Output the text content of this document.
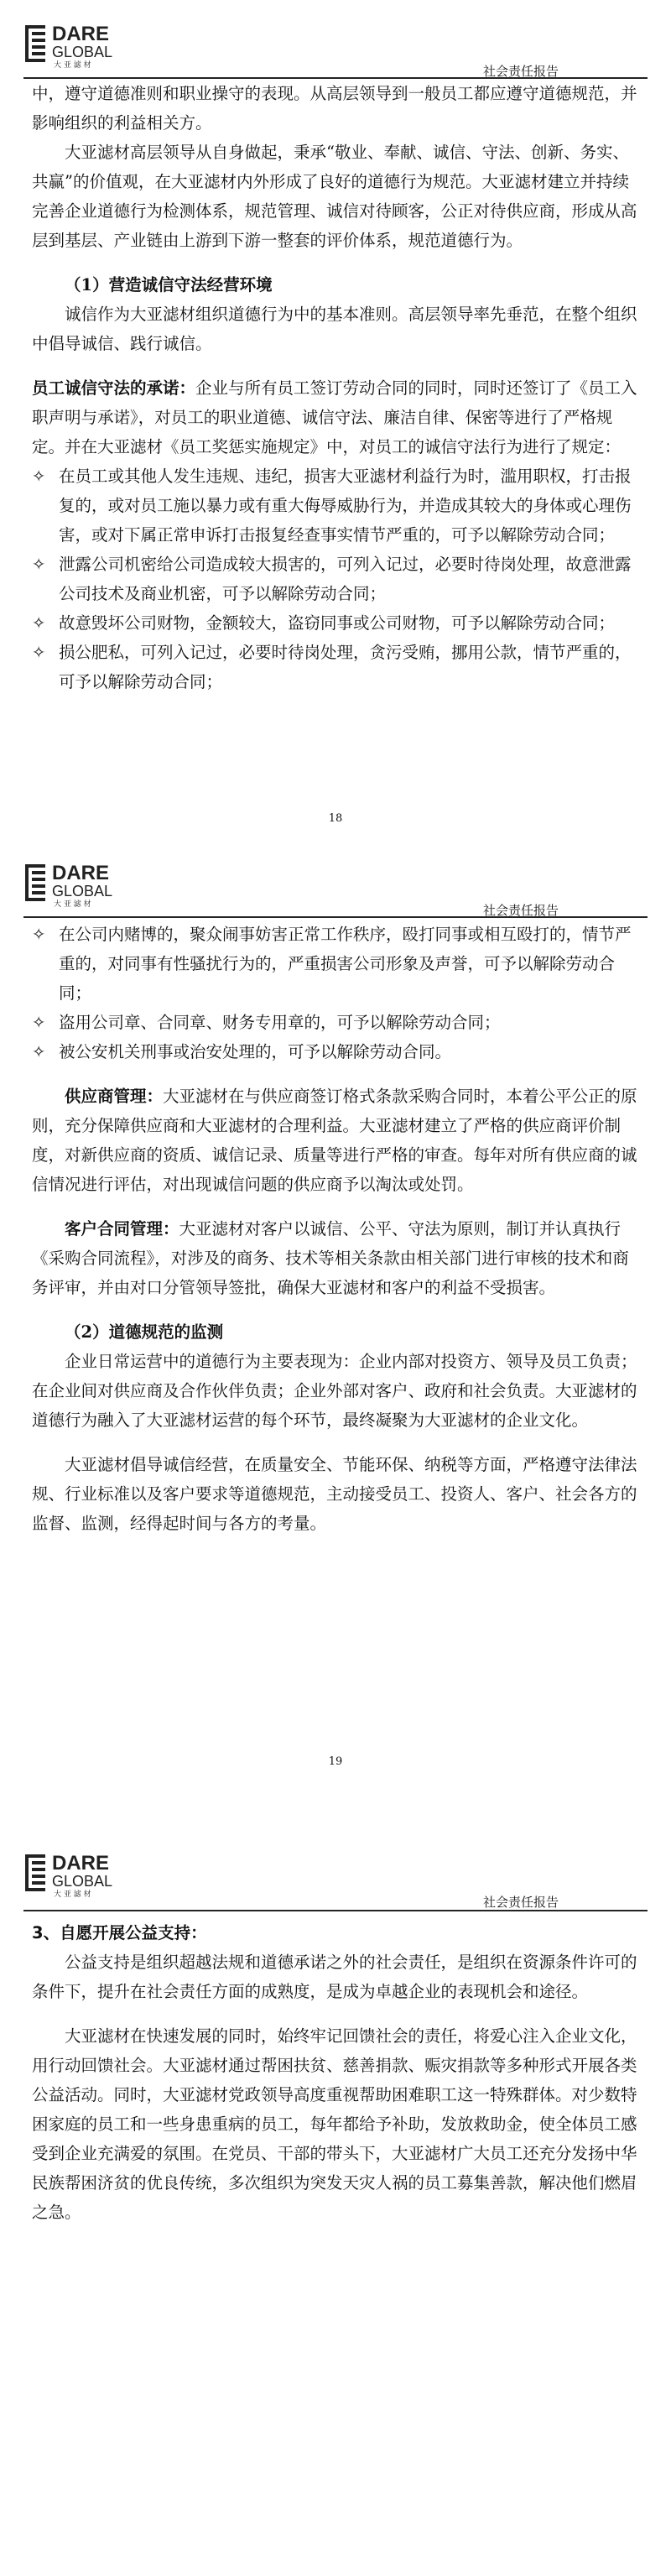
DARE
GLOBAL
大 亚 滤 材	社会责任报告

中，遵守道德准则和职业操守的表现。从高层领导到一般员工都应遵守道德规范，并影响组织的利益相关方。

大亚滤材高层领导从自身做起，秉承“敬业、奉献、诚信、守法、创新、务实、共赢”的价值观，在大亚滤材内外形成了良好的道德行为规范。大亚滤材建立并持续完善企业道德行为检测体系，规范管理、诚信对待顾客，公正对待供应商，形成从高层到基层、产业链由上游到下游一整套的评价体系，规范道德行为。

（1）营造诚信守法经营环境

诚信作为大亚滤材组织道德行为中的基本准则。高层领导率先垂范，在整个组织中倡导诚信、践行诚信。

员工诚信守法的承诺：企业与所有员工签订劳动合同的同时，同时还签订了《员工入职声明与承诺》，对员工的职业道德、诚信守法、廉洁自律、保密等进行了严格规定。并在大亚滤材《员工奖惩实施规定》中，对员工的诚信守法行为进行了规定：

✧ 在员工或其他人发生违规、违纪，损害大亚滤材利益行为时，滥用职权，打击报复的，或对员工施以暴力或有重大侮辱威胁行为，并造成其较大的身体或心理伤害，或对下属正常申诉打击报复经查事实情节严重的，可予以解除劳动合同；
✧ 泄露公司机密给公司造成较大损害的，可列入记过，必要时待岗处理，故意泄露公司技术及商业机密，可予以解除劳动合同；
✧ 故意毁坏公司财物，金额较大，盗窃同事或公司财物，可予以解除劳动合同；
✧ 损公肥私，可列入记过，必要时待岗处理，贪污受贿，挪用公款，情节严重的，可予以解除劳动合同；
18
DARE
GLOBAL
大 亚 滤 材	社会责任报告
✧ 在公司内赌博的，聚众闹事妨害正常工作秩序，殴打同事或相互殴打的，情节严重的，对同事有性骚扰行为的，严重损害公司形象及声誉，可予以解除劳动合同；
✧ 盗用公司章、合同章、财务专用章的，可予以解除劳动合同；
✧ 被公安机关刑事或治安处理的，可予以解除劳动合同。

供应商管理：大亚滤材在与供应商签订格式条款采购合同时，本着公平公正的原则，充分保障供应商和大亚滤材的合理利益。大亚滤材建立了严格的供应商评价制度，对新供应商的资质、诚信记录、质量等进行严格的审查。每年对所有供应商的诚信情况进行评估，对出现诚信问题的供应商予以淘汰或处罚。

客户合同管理：大亚滤材对客户以诚信、公平、守法为原则，制订并认真执行《采购合同流程》，对涉及的商务、技术等相关条款由相关部门进行审核的技术和商务评审，并由对口分管领导签批，确保大亚滤材和客户的利益不受损害。

（2）道德规范的监测

企业日常运营中的道德行为主要表现为：企业内部对投资方、领导及员工负责；在企业间对供应商及合作伙伴负责；企业外部对客户、政府和社会负责。大亚滤材的道德行为融入了大亚滤材运营的每个环节，最终凝聚为大亚滤材的企业文化。

大亚滤材倡导诚信经营，在质量安全、节能环保、纳税等方面，严格遵守法律法规、行业标准以及客户要求等道德规范，主动接受员工、投资人、客户、社会各方的监督、监测，经得起时间与各方的考量。

19
DARE
GLOBAL
大 亚 滤 材	社会责任报告

3、自愿开展公益支持：

公益支持是组织超越法规和道德承诺之外的社会责任，是组织在资源条件许可的条件下，提升在社会责任方面的成熟度，是成为卓越企业的表现机会和途径。

大亚滤材在快速发展的同时，始终牢记回馈社会的责任，将爱心注入企业文化，用行动回馈社会。大亚滤材通过帮困扶贫、慈善捐款、赈灾捐款等多种形式开展各类公益活动。同时，大亚滤材党政领导高度重视帮助困难职工这一特殊群体。对少数特困家庭的员工和一些身患重病的员工，每年都给予补助，发放救助金，使全体员工感受到企业充满爱的氛围。在党员、干部的带头下，大亚滤材广大员工还充分发扬中华民族帮困济贫的优良传统，多次组织为突发天灾人祸的员工募集善款，解决他们燃眉之急。
